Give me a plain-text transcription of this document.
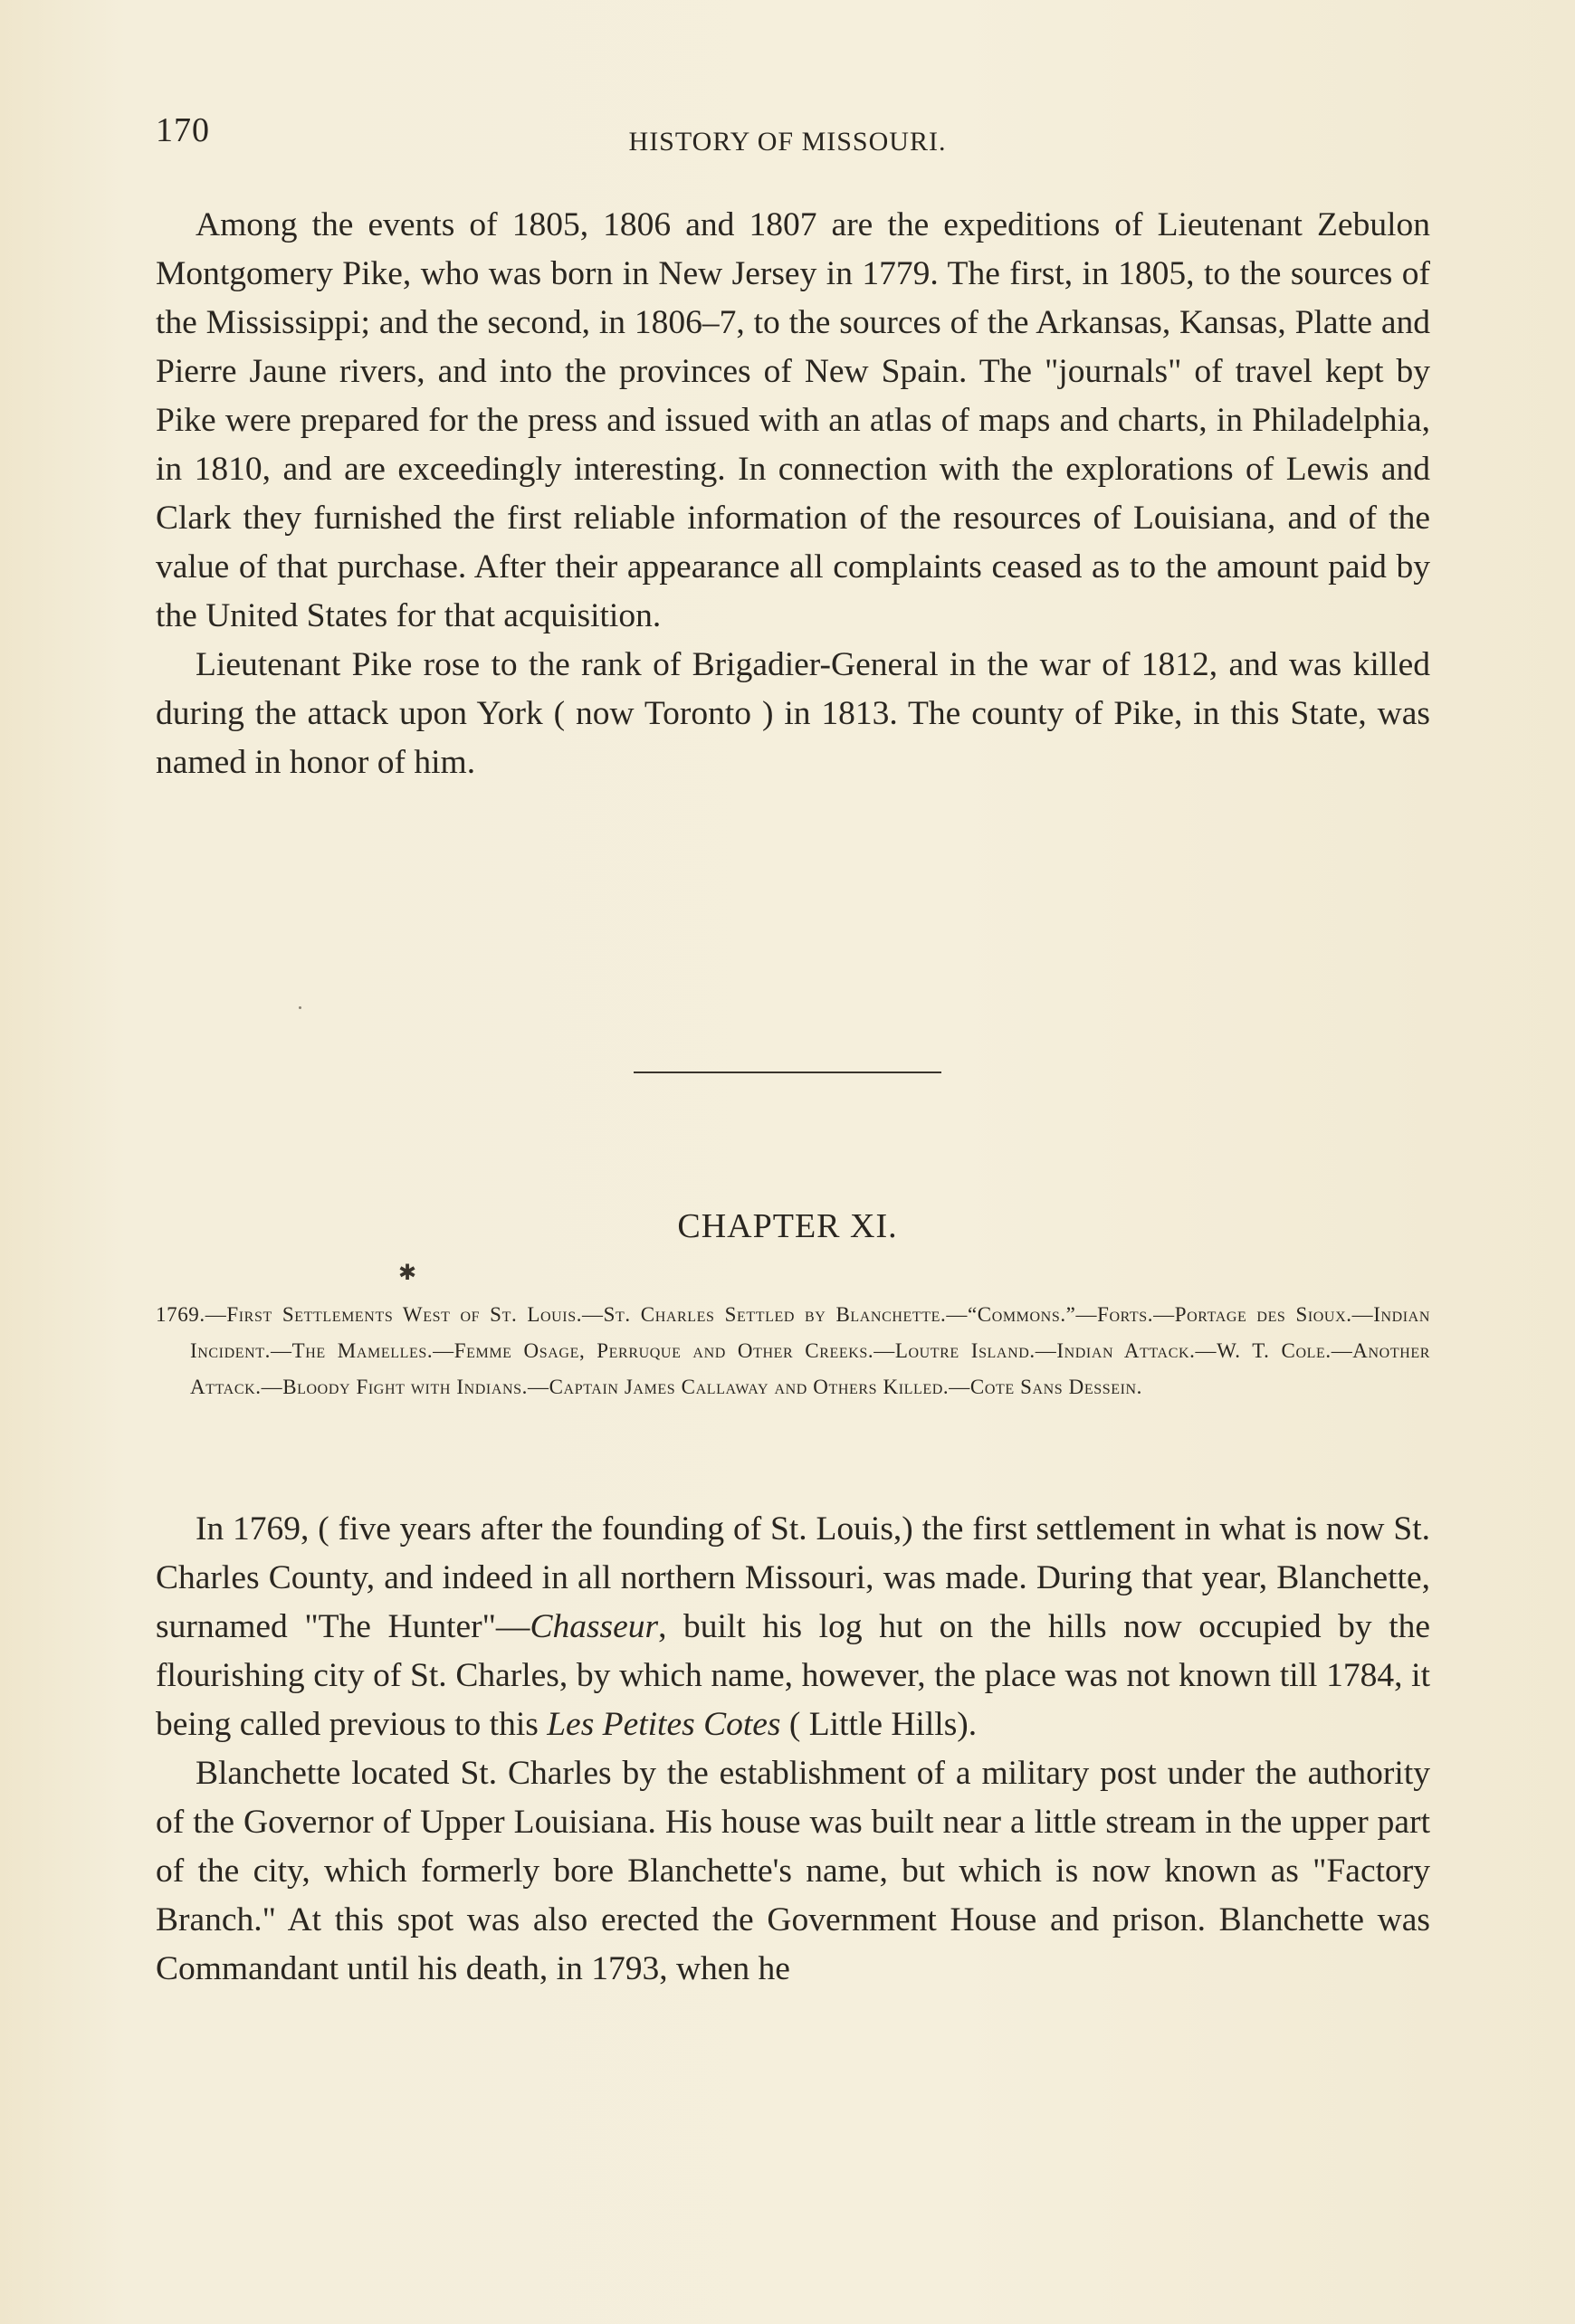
170	HISTORY OF MISSOURI.

Among the events of 1805, 1806 and 1807 are the expeditions of Lieutenant Zebulon Montgomery Pike, who was born in New Jersey in 1779. The first, in 1805, to the sources of the Mississippi; and the second, in 1806–7, to the sources of the Arkansas, Kansas, Platte and Pierre Jaune rivers, and into the provinces of New Spain. The "journals" of travel kept by Pike were prepared for the press and issued with an atlas of maps and charts, in Philadelphia, in 1810, and are exceedingly interesting. In connection with the explorations of Lewis and Clark they furnished the first reliable information of the resources of Louisiana, and of the value of that purchase. After their appearance all complaints ceased as to the amount paid by the United States for that acquisition.

Lieutenant Pike rose to the rank of Brigadier-General in the war of 1812, and was killed during the attack upon York ( now Toronto ) in 1813. The county of Pike, in this State, was named in honor of him.

CHAPTER XI.
✱

1769.—First Settlements West of St. Louis.—St. Charles Settled by Blanchette.—“Commons.”—Forts.—Portage des Sioux.—Indian Incident.—The Mamelles.—Femme Osage, Perruque and Other Creeks.—Loutre Island.—Indian Attack.—W. T. Cole.—Another Attack.—Bloody Fight with Indians.—Captain James Callaway and Others Killed.—Cote Sans Dessein.

In 1769, ( five years after the founding of St. Louis,) the first settlement in what is now St. Charles County, and indeed in all northern Missouri, was made. During that year, Blanchette, surnamed "The Hunter"—Chasseur, built his log hut on the hills now occupied by the flourishing city of St. Charles, by which name, however, the place was not known till 1784, it being called previous to this Les Petites Cotes ( Little Hills).

Blanchette located St. Charles by the establishment of a military post under the authority of the Governor of Upper Louisiana. His house was built near a little stream in the upper part of the city, which formerly bore Blanchette's name, but which is now known as "Factory Branch." At this spot was also erected the Government House and prison. Blanchette was Commandant until his death, in 1793, when he
